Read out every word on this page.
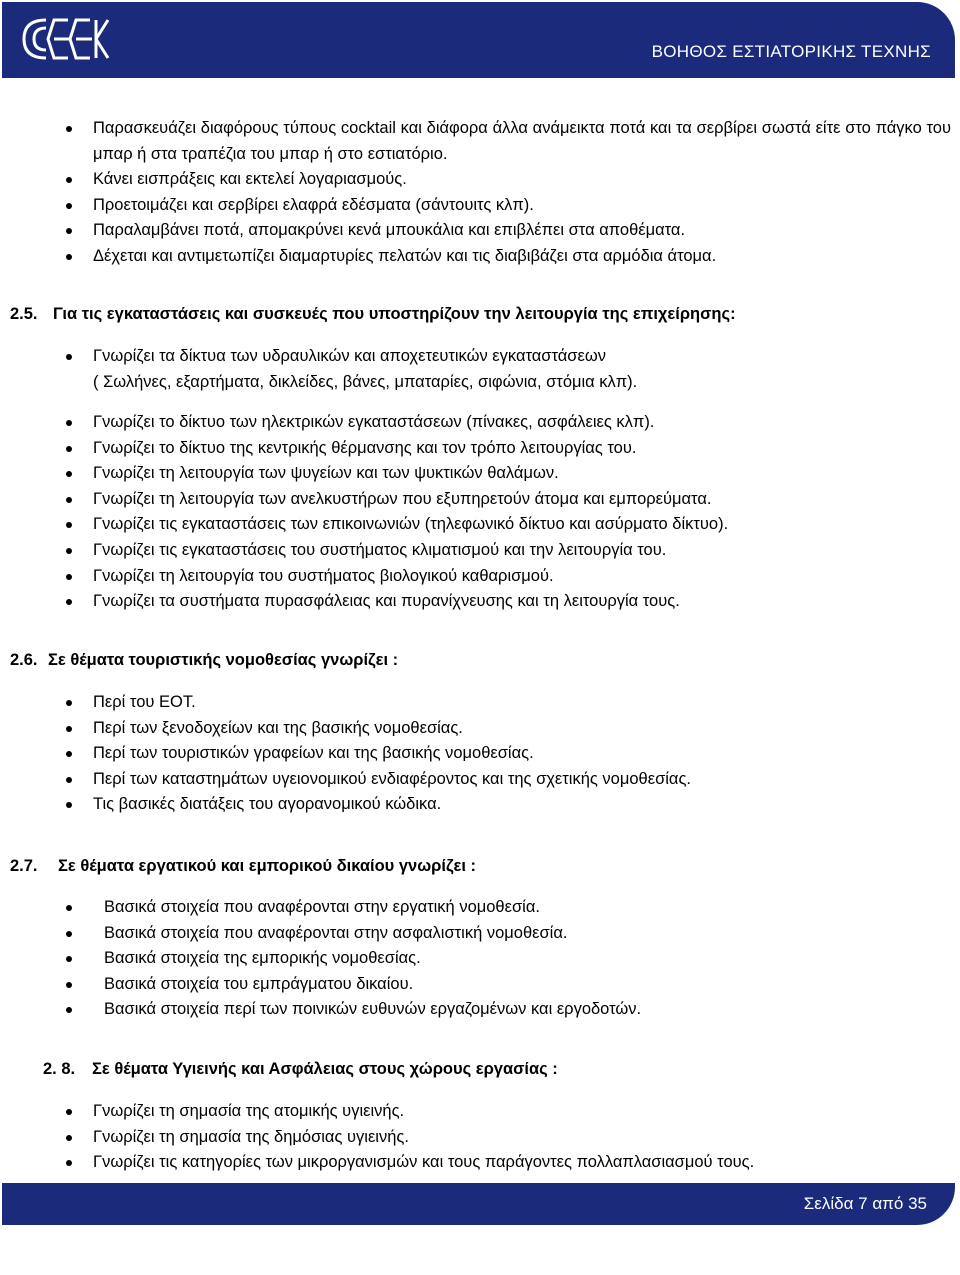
ΒΟΗΘΟΣ ΕΣΤΙΑΤΟΡΙΚΗΣ ΤΕΧΝΗΣ
Παρασκευάζει διαφόρους τύπους cocktail και διάφορα άλλα ανάμεικτα ποτά και τα σερβίρει σωστά είτε στο πάγκο του μπαρ ή στα τραπέζια του μπαρ ή στο εστιατόριο.
Κάνει εισπράξεις και εκτελεί λογαριασμούς.
Προετοιμάζει και σερβίρει ελαφρά εδέσματα (σάντουιτς κλπ).
Παραλαμβάνει ποτά, απομακρύνει κενά μπουκάλια και επιβλέπει στα αποθέματα.
Δέχεται και αντιμετωπίζει διαμαρτυρίες πελατών και τις διαβιβάζει στα αρμόδια άτομα.
2.5. Για τις εγκαταστάσεις και συσκευές που υποστηρίζουν την λειτουργία της επιχείρησης:
Γνωρίζει τα δίκτυα των υδραυλικών και αποχετευτικών εγκαταστάσεων
( Σωλήνες, εξαρτήματα, δικλείδες, βάνες, μπαταρίες, σιφώνια, στόμια κλπ).
Γνωρίζει το δίκτυο των ηλεκτρικών εγκαταστάσεων (πίνακες, ασφάλειες κλπ).
Γνωρίζει το δίκτυο της κεντρικής θέρμανσης και τον τρόπο λειτουργίας του.
Γνωρίζει τη λειτουργία των ψυγείων και των ψυκτικών θαλάμων.
Γνωρίζει τη λειτουργία των ανελκυστήρων που εξυπηρετούν άτομα και εμπορεύματα.
Γνωρίζει τις εγκαταστάσεις των επικοινωνιών (τηλεφωνικό δίκτυο και ασύρματο δίκτυο).
Γνωρίζει τις εγκαταστάσεις του συστήματος κλιματισμού και την λειτουργία του.
Γνωρίζει τη λειτουργία του συστήματος βιολογικού καθαρισμού.
Γνωρίζει τα συστήματα πυρασφάλειας και πυρανίχνευσης και τη λειτουργία τους.
2.6. Σε θέματα τουριστικής νομοθεσίας γνωρίζει :
Περί του ΕΟΤ.
Περί των ξενοδοχείων και της βασικής νομοθεσίας.
Περί των τουριστικών γραφείων και της βασικής νομοθεσίας.
Περί των καταστημάτων υγειονομικού ενδιαφέροντος και της σχετικής νομοθεσίας.
Τις βασικές διατάξεις του αγορανομικού κώδικα.
2.7. Σε θέματα εργατικού και εμπορικού δικαίου γνωρίζει :
Βασικά στοιχεία που αναφέρονται στην εργατική νομοθεσία.
Βασικά στοιχεία που αναφέρονται στην ασφαλιστική νομοθεσία.
Βασικά στοιχεία της εμπορικής νομοθεσίας.
Βασικά στοιχεία του εμπράγματου δικαίου.
Βασικά στοιχεία περί των ποινικών ευθυνών εργαζομένων και εργοδοτών.
2. 8. Σε θέματα Υγιεινής και Ασφάλειας στους χώρους εργασίας :
Γνωρίζει τη σημασία της ατομικής υγιεινής.
Γνωρίζει τη σημασία της δημόσιας υγιεινής.
Γνωρίζει τις κατηγορίες των μικροργανισμών και τους παράγοντες πολλαπλασιασμού τους.
Σελίδα 7 από 35
